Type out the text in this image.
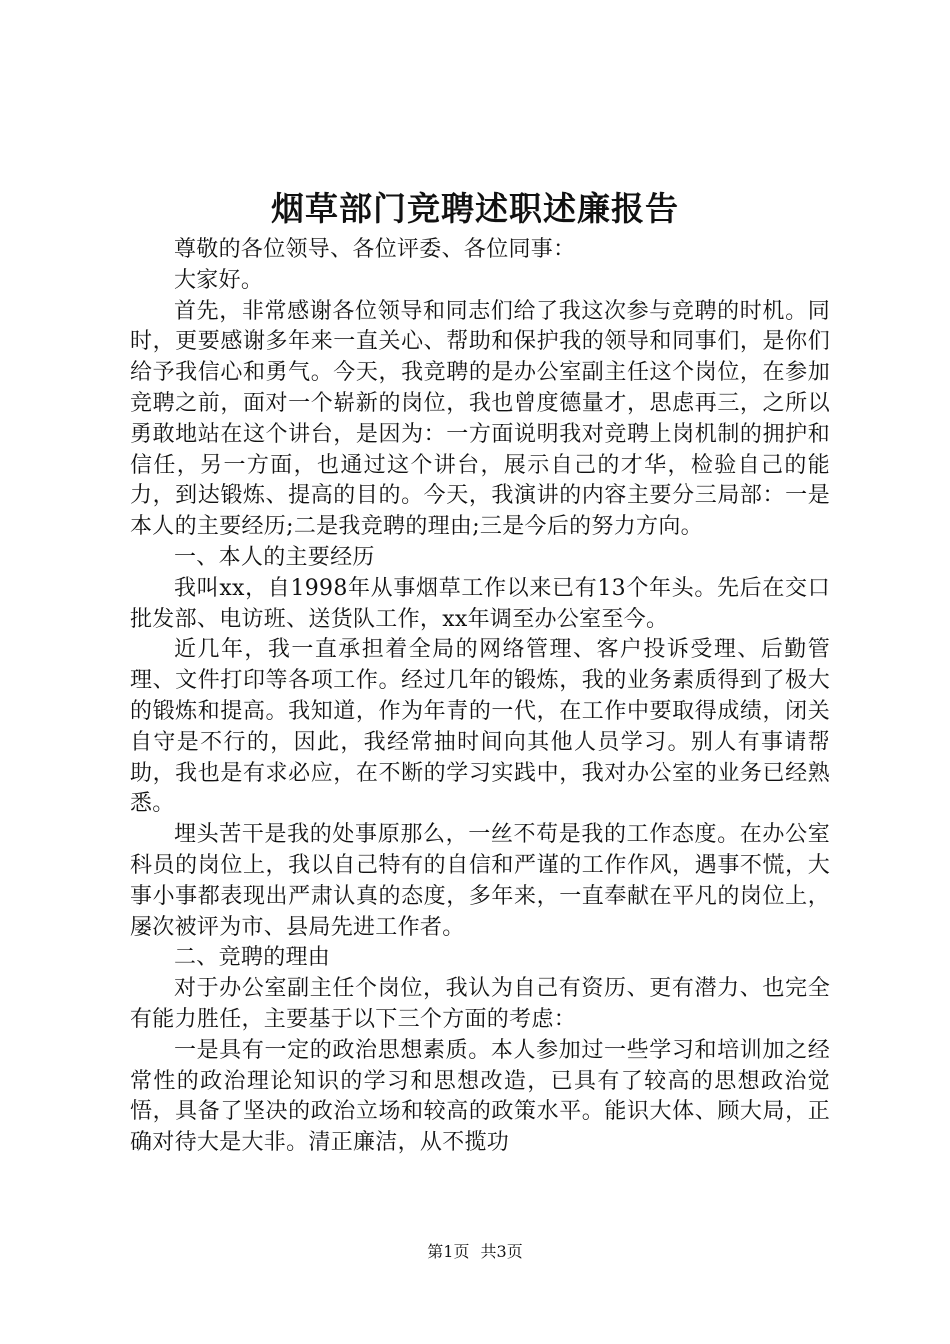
烟草部门竞聘述职述廉报告

尊敬的各位领导、各位评委、各位同事：

大家好。

首先，非常感谢各位领导和同志们给了我这次参与竞聘的时机。同时，更要感谢多年来一直关心、帮助和保护我的领导和同事们，是你们给予我信心和勇气。今天，我竞聘的是办公室副主任这个岗位，在参加竞聘之前，面对一个崭新的岗位，我也曾度德量才，思虑再三，之所以勇敢地站在这个讲台，是因为：一方面说明我对竞聘上岗机制的拥护和信任，另一方面，也通过这个讲台，展示自己的才华，检验自己的能力，到达锻炼、提高的目的。今天，我演讲的内容主要分三局部：一是本人的主要经历;二是我竞聘的理由;三是今后的努力方向。

一、本人的主要经历

我叫xx，自1998年从事烟草工作以来已有13个年头。先后在交口批发部、电访班、送货队工作，xx年调至办公室至今。

近几年，我一直承担着全局的网络管理、客户投诉受理、后勤管理、文件打印等各项工作。经过几年的锻炼，我的业务素质得到了极大的锻炼和提高。我知道，作为年青的一代，在工作中要取得成绩，闭关自守是不行的，因此，我经常抽时间向其他人员学习。别人有事请帮助，我也是有求必应，在不断的学习实践中，我对办公室的业务已经熟悉。

埋头苦干是我的处事原那么，一丝不苟是我的工作态度。在办公室科员的岗位上，我以自己特有的自信和严谨的工作作风，遇事不慌，大事小事都表现出严肃认真的态度，多年来，一直奉献在平凡的岗位上，屡次被评为市、县局先进工作者。

二、竞聘的理由

对于办公室副主任个岗位，我认为自己有资历、更有潜力、也完全有能力胜任，主要基于以下三个方面的考虑：

一是具有一定的政治思想素质。本人参加过一些学习和培训加之经常性的政治理论知识的学习和思想改造，已具有了较高的思想政治觉悟，具备了坚决的政治立场和较高的政策水平。能识大体、顾大局，正确对待大是大非。清正廉洁，从不揽功

第1页 共3页
